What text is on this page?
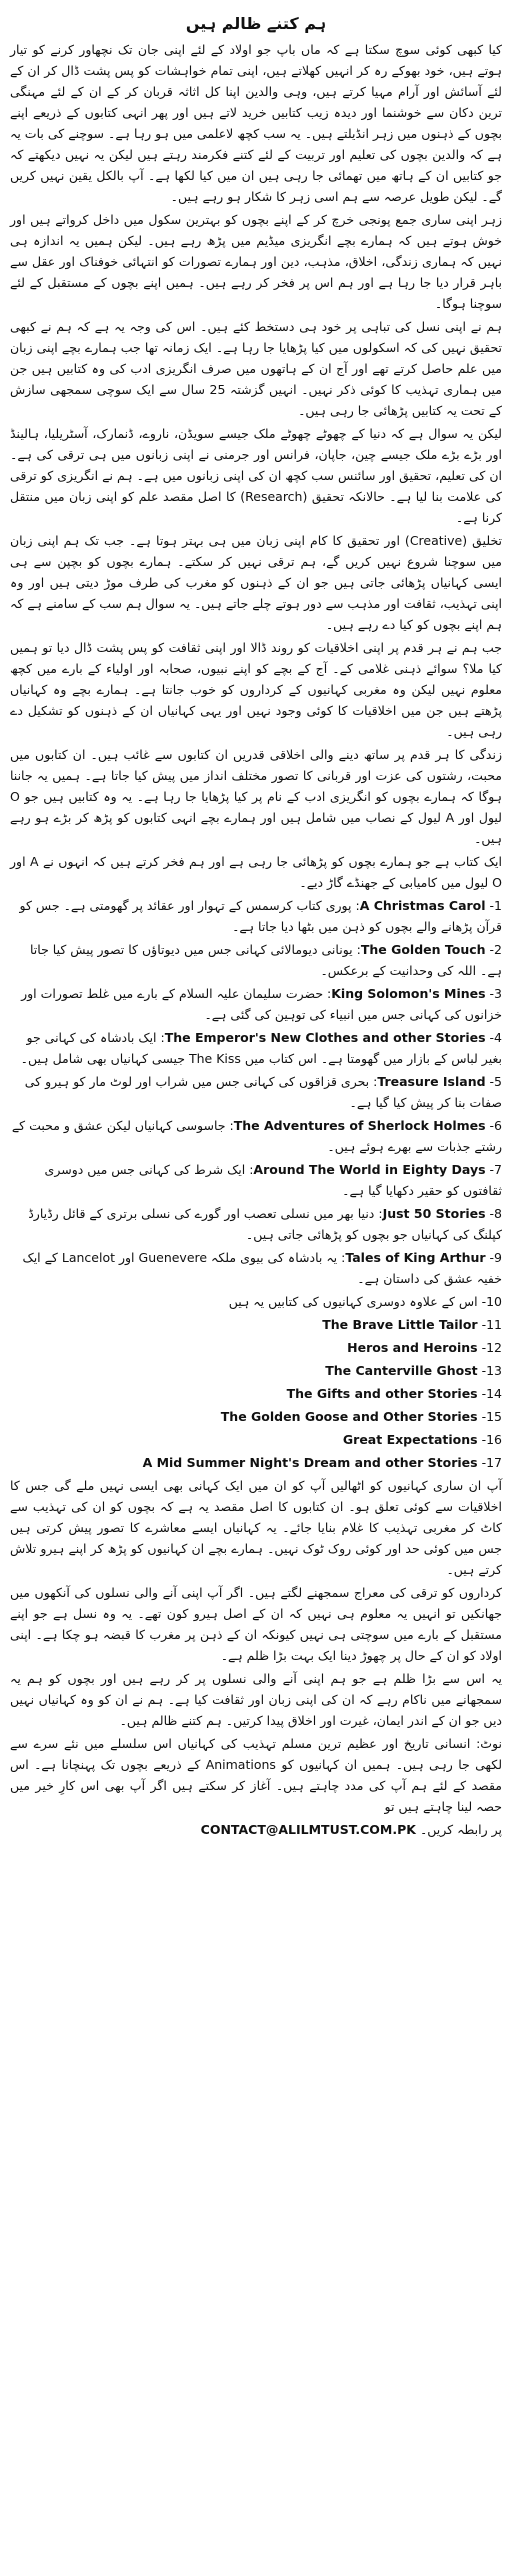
ہم کتنے ظالم ہیں

کیا کبھی کوئی سوچ سکتا ہے کہ ماں باپ جو اولاد کے لئے اپنی جان تک نچھاور کرنے کو تیار ہوتے ہیں، خود بھوکے رہ کر انہیں کھلاتے ہیں، اپنی تمام خواہشات کو پس پشت ڈال کر ان کے لئے آسائش اور آرام مہیا کرتے ہیں، وہی والدین اپنا کل اثاثہ قربان کر کے ان کے لئے مہنگی ترین دکان سے خوشنما اور دیدہ زیب کتابیں خرید لاتے ہیں اور پھر انہی کتابوں کے ذریعے اپنے بچوں کے ذہنوں میں زہر انڈیلتے ہیں۔ یہ سب کچھ لاعلمی میں ہو رہا ہے۔ سوچنے کی بات یہ ہے کہ والدین بچوں کی تعلیم اور تربیت کے لئے کتنے فکرمند رہتے ہیں لیکن یہ نہیں دیکھتے کہ جو کتابیں ان کے ہاتھ میں تھمائی جا رہی ہیں ان میں کیا لکھا ہے۔ آپ بالکل یقین نہیں کریں گے۔ لیکن طویل عرصہ سے ہم اسی زہر کا شکار ہو رہے ہیں۔

زہر اپنی ساری جمع پونجی خرچ کر کے اپنے بچوں کو بہترین سکول میں داخل کرواتے ہیں اور خوش ہوتے ہیں کہ ہمارے بچے انگریزی میڈیم میں پڑھ رہے ہیں۔ لیکن ہمیں یہ اندازہ ہی نہیں کہ ہماری زندگی، اخلاق، مذہب، دین اور ہمارے تصورات کو انتہائی خوفناک اور عقل سے باہر قرار دیا جا رہا ہے اور ہم اس پر فخر کر رہے ہیں۔ ہمیں اپنے بچوں کے مستقبل کے لئے سوچنا ہوگا۔

ہم نے اپنی نسل کی تباہی پر خود ہی دستخط کئے ہیں۔ اس کی وجہ یہ ہے کہ ہم نے کبھی تحقیق نہیں کی کہ اسکولوں میں کیا پڑھایا جا رہا ہے۔ ایک زمانہ تھا جب ہمارے بچے اپنی زبان میں علم حاصل کرتے تھے اور آج ان کے ہاتھوں میں صرف انگریزی ادب کی وہ کتابیں ہیں جن میں ہماری تہذیب کا کوئی ذکر نہیں۔ انہیں گزشتہ 25 سال سے ایک سوچی سمجھی سازش کے تحت یہ کتابیں پڑھائی جا رہی ہیں۔

لیکن یہ سوال ہے کہ دنیا کے چھوٹے چھوٹے ملک جیسے سویڈن، ناروے، ڈنمارک، آسٹریلیا، ہالینڈ اور بڑے بڑے ملک جیسے چین، جاپان، فرانس اور جرمنی نے اپنی زبانوں میں ہی ترقی کی ہے۔ ان کی تعلیم، تحقیق اور سائنس سب کچھ ان کی اپنی زبانوں میں ہے۔ ہم نے انگریزی کو ترقی کی علامت بنا لیا ہے۔ حالانکہ تحقیق (Research) کا اصل مقصد علم کو اپنی زبان میں منتقل کرنا ہے۔

تخلیق (Creative) اور تحقیق کا کام اپنی زبان میں ہی بہتر ہوتا ہے۔ جب تک ہم اپنی زبان میں سوچنا شروع نہیں کریں گے، ہم ترقی نہیں کر سکتے۔ ہمارے بچوں کو بچپن سے ہی ایسی کہانیاں پڑھائی جاتی ہیں جو ان کے ذہنوں کو مغرب کی طرف موڑ دیتی ہیں اور وہ اپنی تہذیب، ثقافت اور مذہب سے دور ہوتے چلے جاتے ہیں۔ یہ سوال ہم سب کے سامنے ہے کہ ہم اپنے بچوں کو کیا دے رہے ہیں۔

جب ہم نے ہر قدم پر اپنی اخلاقیات کو روند ڈالا اور اپنی ثقافت کو پس پشت ڈال دیا تو ہمیں کیا ملا؟ سوائے ذہنی غلامی کے۔ آج کے بچے کو اپنے نبیوں، صحابہ اور اولیاء کے بارے میں کچھ معلوم نہیں لیکن وہ مغربی کہانیوں کے کرداروں کو خوب جانتا ہے۔ ہمارے بچے وہ کہانیاں پڑھتے ہیں جن میں اخلاقیات کا کوئی وجود نہیں اور یہی کہانیاں ان کے ذہنوں کو تشکیل دے رہی ہیں۔

زندگی کا ہر قدم پر ساتھ دینے والی اخلاقی قدریں ان کتابوں سے غائب ہیں۔ ان کتابوں میں محبت، رشتوں کی عزت اور قربانی کا تصور مختلف انداز میں پیش کیا جاتا ہے۔ ہمیں یہ جاننا ہوگا کہ ہمارے بچوں کو انگریزی ادب کے نام پر کیا پڑھایا جا رہا ہے۔ یہ وہ کتابیں ہیں جو O لیول اور A لیول کے نصاب میں شامل ہیں اور ہمارے بچے انہی کتابوں کو پڑھ کر بڑے ہو رہے ہیں۔

ایک کتاب ہے جو ہمارے بچوں کو پڑھائی جا رہی ہے اور ہم فخر کرتے ہیں کہ انہوں نے A اور O لیول میں کامیابی کے جھنڈے گاڑ دیے۔

1- A Christmas Carol: پوری کتاب کرسمس کے تہوار اور عقائد پر گھومتی ہے۔ جس کو قرآن پڑھانے والے بچوں کو ذہن میں بٹھا دیا جاتا ہے۔
2- The Golden Touch: یونانی دیومالائی کہانی جس میں دیوتاؤں کا تصور پیش کیا جاتا ہے۔ اللہ کی وحدانیت کے برعکس۔
3- King Solomon's Mines: حضرت سلیمان علیہ السلام کے بارے میں غلط تصورات اور خزانوں کی کہانی جس میں انبیاء کی توہین کی گئی ہے۔
4- The Emperor's New Clothes and other Stories: ایک بادشاہ کی کہانی جو بغیر لباس کے بازار میں گھومتا ہے۔ اس کتاب میں The Kiss جیسی کہانیاں بھی شامل ہیں۔
5- Treasure Island: بحری قزاقوں کی کہانی جس میں شراب اور لوٹ مار کو ہیرو کی صفات بنا کر پیش کیا گیا ہے۔
6- The Adventures of Sherlock Holmes: جاسوسی کہانیاں لیکن عشق و محبت کے رشتے جذبات سے بھرے ہوئے ہیں۔
7- Around The World in Eighty Days: ایک شرط کی کہانی جس میں دوسری ثقافتوں کو حقیر دکھایا گیا ہے۔
8- Just 50 Stories: دنیا بھر میں نسلی تعصب اور گورے کی نسلی برتری کے قائل رڈیارڈ کپلنگ کی کہانیاں جو بچوں کو پڑھائی جاتی ہیں۔
9- Tales of King Arthur: یہ بادشاہ کی بیوی ملکہ Guenevere اور Lancelot کے ایک خفیہ عشق کی داستان ہے۔
10- اس کے علاوہ دوسری کہانیوں کی کتابیں یہ ہیں
11- The Brave Little Tailor
12- Heros and Heroins
13- The Canterville Ghost
14- The Gifts and other Stories
15- The Golden Goose and Other Stories
16- Great Expectations
17- A Mid Summer Night's Dream and other Stories

آپ ان ساری کہانیوں کو اٹھالیں آپ کو ان میں ایک کہانی بھی ایسی نہیں ملے گی جس کا اخلاقیات سے کوئی تعلق ہو۔ ان کتابوں کا اصل مقصد یہ ہے کہ بچوں کو ان کی تہذیب سے کاٹ کر مغربی تہذیب کا غلام بنایا جائے۔ یہ کہانیاں ایسے معاشرے کا تصور پیش کرتی ہیں جس میں کوئی حد اور کوئی روک ٹوک نہیں۔ ہمارے بچے ان کہانیوں کو پڑھ کر اپنے ہیرو تلاش کرتے ہیں۔

کرداروں کو ترقی کی معراج سمجھنے لگتے ہیں۔ اگر آپ اپنی آنے والی نسلوں کی آنکھوں میں جھانکیں تو انہیں یہ معلوم ہی نہیں کہ ان کے اصل ہیرو کون تھے۔ یہ وہ نسل ہے جو اپنے مستقبل کے بارے میں سوچتی ہی نہیں کیونکہ ان کے ذہن پر مغرب کا قبضہ ہو چکا ہے۔ اپنی اولاد کو ان کے حال پر چھوڑ دینا ایک بہت بڑا ظلم ہے۔

یہ اس سے بڑا ظلم ہے جو ہم اپنی آنے والی نسلوں پر کر رہے ہیں اور بچوں کو ہم یہ سمجھانے میں ناکام رہے کہ ان کی اپنی زبان اور ثقافت کیا ہے۔ ہم نے ان کو وہ کہانیاں نہیں دیں جو ان کے اندر ایمان، غیرت اور اخلاق پیدا کرتیں۔ ہم کتنے ظالم ہیں۔

نوٹ: انسانی تاریخ اور عظیم ترین مسلم تہذیب کی کہانیاں اس سلسلے میں نئے سرے سے لکھی جا رہی ہیں۔ ہمیں ان کہانیوں کو Animations کے ذریعے بچوں تک پہنچانا ہے۔ اس مقصد کے لئے ہم آپ کی مدد چاہتے ہیں۔ آغاز کر سکتے ہیں اگر آپ بھی اس کارِ خیر میں حصہ لینا چاہتے ہیں تو

CONTACT@ALILMTUST.COM.PK پر رابطہ کریں۔
